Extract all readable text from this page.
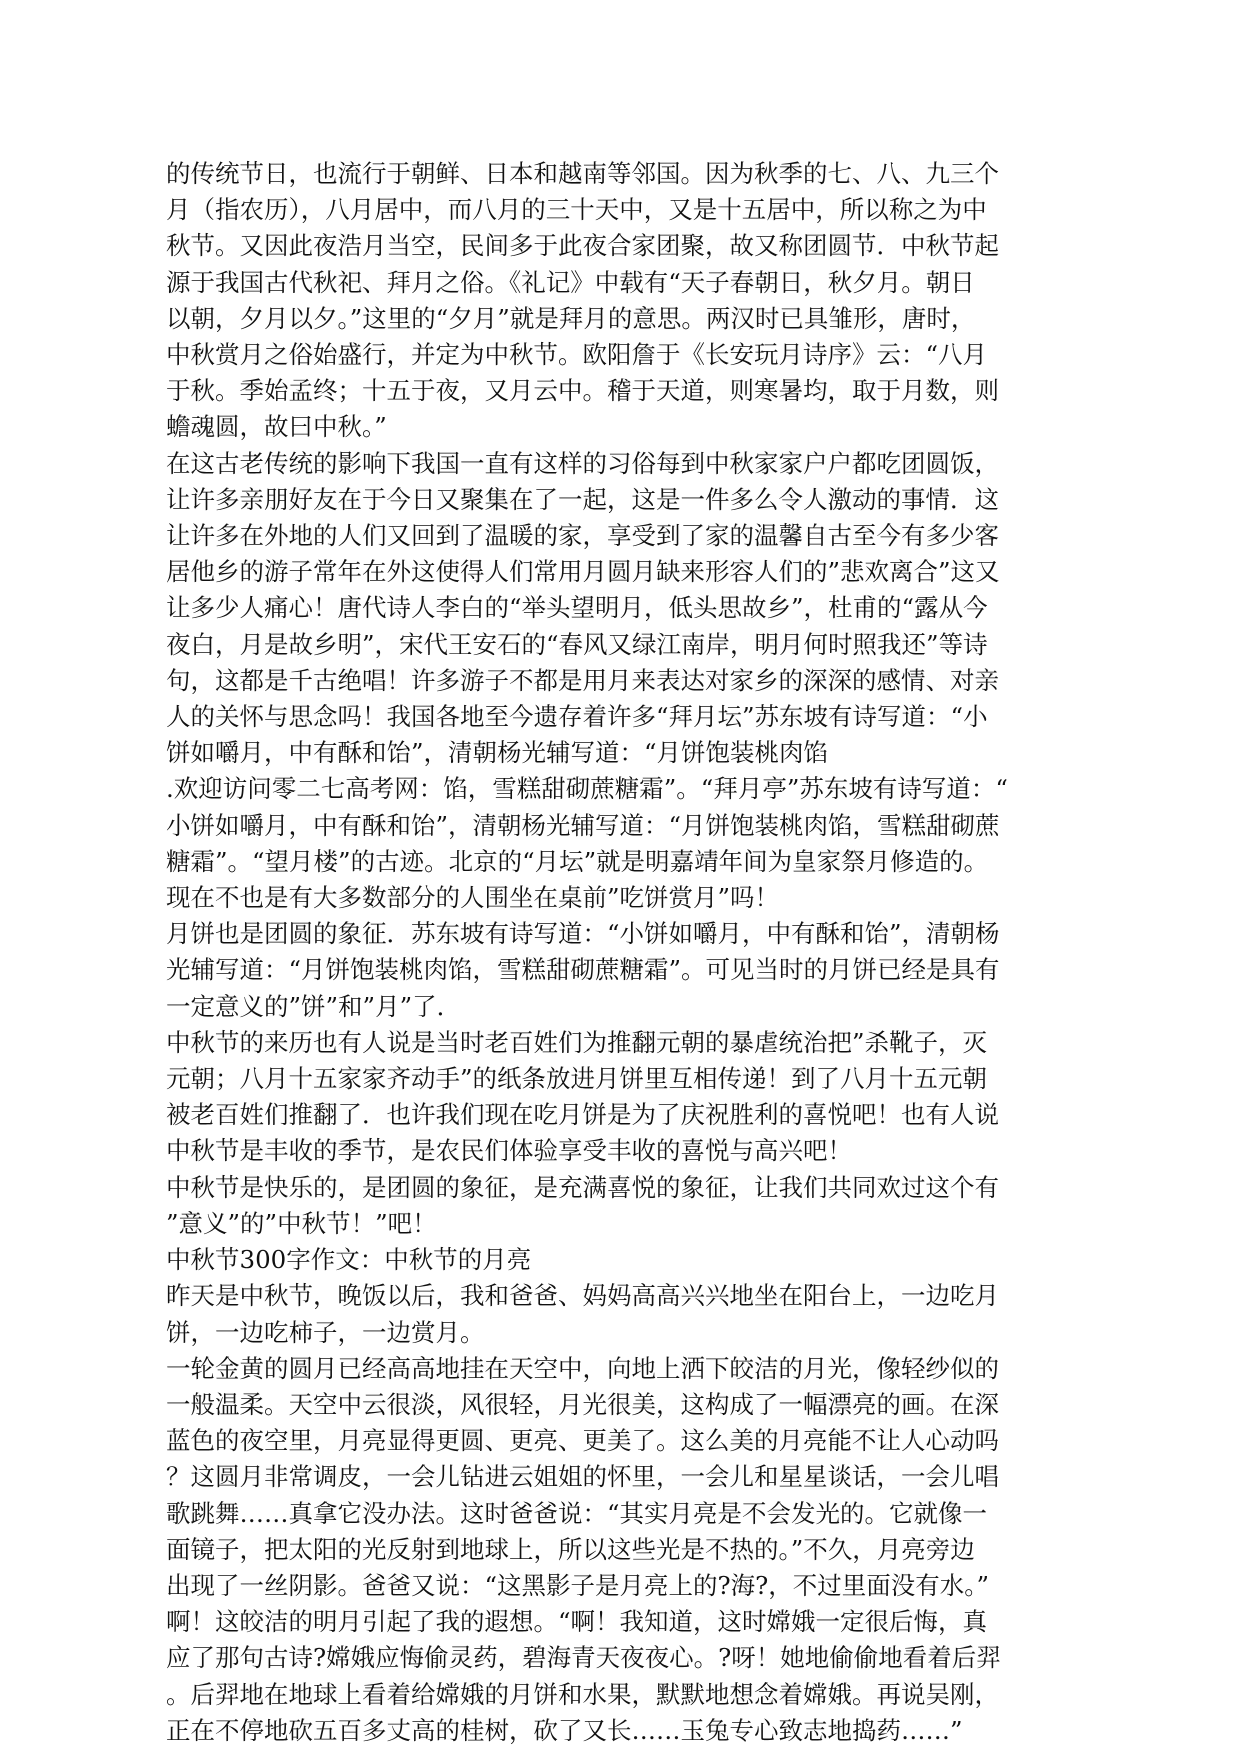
的传统节日，也流行于朝鲜、日本和越南等邻国。因为秋季的七、八、九三个
月（指农历），八月居中，而八月的三十天中，又是十五居中，所以称之为中
秋节。又因此夜浩月当空，民间多于此夜合家团聚，故又称团圆节．中秋节起
源于我国古代秋祀、拜月之俗。《礼记》中载有“天子春朝日，秋夕月。朝日
以朝，夕月以夕。”这里的“夕月”就是拜月的意思。两汉时已具雏形，唐时，
中秋赏月之俗始盛行，并定为中秋节。欧阳詹于《长安玩月诗序》云：“八月
于秋。季始孟终；十五于夜，又月云中。稽于天道，则寒暑均，取于月数，则
蟾魂圆，故曰中秋。”
在这古老传统的影响下我国一直有这样的习俗每到中秋家家户户都吃团圆饭，
让许多亲朋好友在于今日又聚集在了一起，这是一件多么令人激动的事情．这
让许多在外地的人们又回到了温暖的家，享受到了家的温馨自古至今有多少客
居他乡的游子常年在外这使得人们常用月圆月缺来形容人们的”悲欢离合”这又
让多少人痛心！唐代诗人李白的“举头望明月，低头思故乡”，杜甫的“露从今
夜白，月是故乡明”，宋代王安石的“春风又绿江南岸，明月何时照我还”等诗
句，这都是千古绝唱！许多游子不都是用月来表达对家乡的深深的感情、对亲
人的关怀与思念吗！我国各地至今遗存着许多“拜月坛”苏东坡有诗写道：“小
饼如嚼月，中有酥和饴”，清朝杨光辅写道：“月饼饱装桃肉馅
.欢迎访问零二七高考网：馅，雪糕甜砌蔗糖霜”。“拜月亭”苏东坡有诗写道：“
小饼如嚼月，中有酥和饴”，清朝杨光辅写道：“月饼饱装桃肉馅，雪糕甜砌蔗
糖霜”。“望月楼”的古迹。北京的“月坛”就是明嘉靖年间为皇家祭月修造的。
现在不也是有大多数部分的人围坐在桌前”吃饼赏月”吗！
月饼也是团圆的象征．苏东坡有诗写道：“小饼如嚼月，中有酥和饴”，清朝杨
光辅写道：“月饼饱装桃肉馅，雪糕甜砌蔗糖霜”。可见当时的月饼已经是具有
一定意义的”饼”和”月”了．
中秋节的来历也有人说是当时老百姓们为推翻元朝的暴虐统治把”杀靴子，灭
元朝；八月十五家家齐动手”的纸条放进月饼里互相传递！到了八月十五元朝
被老百姓们推翻了．也许我们现在吃月饼是为了庆祝胜利的喜悦吧！也有人说
中秋节是丰收的季节，是农民们体验享受丰收的喜悦与高兴吧！
中秋节是快乐的，是团圆的象征，是充满喜悦的象征，让我们共同欢过这个有
”意义”的”中秋节！”吧！
中秋节300字作文：中秋节的月亮
昨天是中秋节，晚饭以后，我和爸爸、妈妈高高兴兴地坐在阳台上，一边吃月
饼，一边吃柿子，一边赏月。
一轮金黄的圆月已经高高地挂在天空中，向地上洒下皎洁的月光，像轻纱似的
一般温柔。天空中云很淡，风很轻，月光很美，这构成了一幅漂亮的画。在深
蓝色的夜空里，月亮显得更圆、更亮、更美了。这么美的月亮能不让人心动吗
？这圆月非常调皮，一会儿钻进云姐姐的怀里，一会儿和星星谈话，一会儿唱
歌跳舞……真拿它没办法。这时爸爸说：“其实月亮是不会发光的。它就像一
面镜子，把太阳的光反射到地球上，所以这些光是不热的。”不久，月亮旁边
出现了一丝阴影。爸爸又说：“这黑影子是月亮上的?海?，不过里面没有水。”
啊！这皎洁的明月引起了我的遐想。“啊！我知道，这时嫦娥一定很后悔，真
应了那句古诗?嫦娥应悔偷灵药，碧海青天夜夜心。?呀！她地偷偷地看着后羿
。后羿地在地球上看着给嫦娥的月饼和水果，默默地想念着嫦娥。再说吴刚，
正在不停地砍五百多丈高的桂树，砍了又长……玉兔专心致志地捣药……”
